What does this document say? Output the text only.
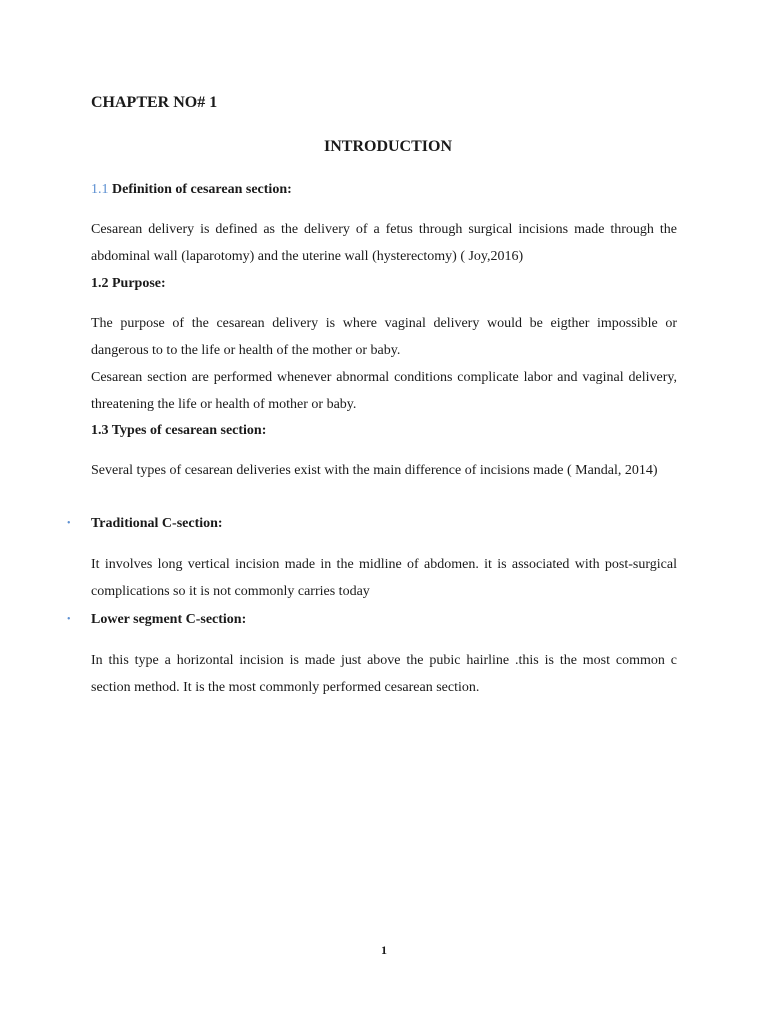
CHAPTER NO# 1
INTRODUCTION
1.1 Definition of cesarean section:
Cesarean delivery is defined as the delivery of a fetus through surgical incisions made through the abdominal wall (laparotomy) and the uterine wall (hysterectomy) ( Joy,2016)
1.2 Purpose:
The purpose of the cesarean delivery is where vaginal delivery would be eigther impossible or dangerous to to the life or health of the mother or baby.
Cesarean section are performed whenever abnormal conditions complicate labor and vaginal delivery, threatening the life or health of mother or baby.
1.3 Types of cesarean section:
Several types of cesarean deliveries exist with the main difference of incisions made ( Mandal, 2014)
• Traditional C-section:
It involves long vertical incision made in the midline of abdomen. it is associated with post-surgical complications so it is not commonly carries today
• Lower segment C-section:
In this type a horizontal incision is made just above the pubic hairline .this is the most common c section method. It is the most commonly performed cesarean section.
1
